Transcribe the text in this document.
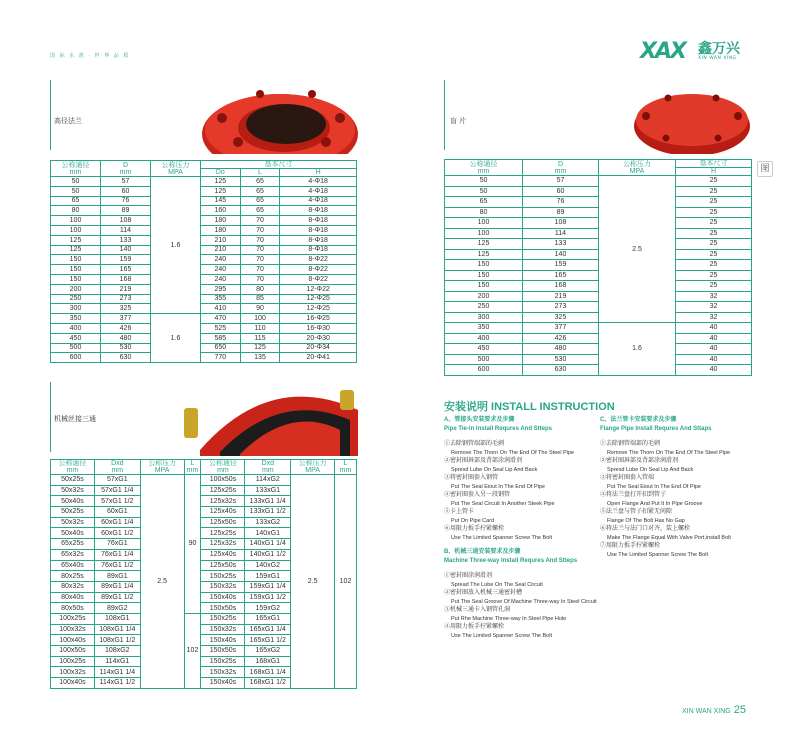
国 际 水 准 · 世 界 品 质	XAX 鑫万兴
XIN WAN XING
图
高径法兰
公称通径
mm	D
mm	公称压力
MPA	基本尺寸		
			Do	L	H
50	57	1.6	125	65	4-Φ18
50	60		125	65	4-Φ18
65	76		145	65	4-Φ18
80	89		160	65	8-Φ18
100	108		180	70	8-Φ18
100	114		180	70	8-Φ18
125	133		210	70	8-Φ18
125	140		210	70	8-Φ18
150	159		240	70	8-Φ22
150	165		240	70	8-Φ22
150	168		240	70	8-Φ22
200	219		295	80	12-Φ22
250	273		355	85	12-Φ25
300	325		410	90	12-Φ25
350	377	1.6	470	100	16-Φ25
400	426		525	110	16-Φ30
450	480		585	115	20-Φ30
500	530		650	125	20-Φ34
600	630		770	135	20-Φ41
盲 片
公称通径
mm	D
mm	公称压力
MPA	基本尺寸
			H
50	57	2.5	25
50	60		25
65	76		25
80	89		25
100	108		25
100	114		25
125	133		25
125	140		25
150	159		25
150	165		25
150	168		25
200	219		32
250	273		32
300	325		32
350	377	1.6	40
400	426		40
450	480		40
500	530		40
600	630		40
机械丝接三通
公称通径
mm	Dxd
mm	公称压力
MPA	L
mm	公称通径
mm	Dxd
mm	公称压力
MPA	L
mm
50x25s	57xG1	2.5	90	100x50s	114xG2	2.5	102
50x32s	57xG1 1/4			125x25s	133xG1		
50x40s	57xG1 1/2			125x32s	133xG1 1/4		
50x25s	60xG1			125x40s	133xG1 1/2		
50x32s	60xG1 1/4			125x50s	133xG2		
50x40s	60xG1 1/2			125x25s	140xG1		
65x25s	76xG1			125x32s	140xG1 1/4		
65x32s	76xG1 1/4			125x40s	140xG1 1/2		
65x40s	76xG1 1/2			125x50s	140xG2		
80x25s	89xG1			150x25s	159xG1		
80x32s	89xG1 1/4			150x32s	159xG1 1/4		
80x40s	89xG1 1/2			150x40s	159xG1 1/2		
80x50s	89xG2			150x50s	159xG2		
100x25s	108xG1		102	150x25s	165xG1		
100x32s	108xG1 1/4			150x32s	165xG1 1/4		
100x40s	108xG1 1/2			150x40s	165xG1 1/2		
100x50s	108xG2			150x50s	165xG2		
100x25s	114xG1			150x25s	168xG1		
100x32s	114xG1 1/4			150x32s	168xG1 1/4		
100x40s	114xG1 1/2			150x40s	168xG1 1/2		
安装说明 INSTALL INSTRUCTION
A、管接头安装要求及步骤
Pipe Tie-in Install Requres And Stteps
①去除钢管端部的毛刺
Remove The Thorn On The End Of The Steel Pipe
②密封圈唇部及背部涂润滑剂
Spresd Lube On Seal Lip And Back
③将密封圈套入钢管
Put The Seal Eiout In The End Of Pipe
④密封圈套入另一段钢管
Put The Seal Circuit In Another Steek Pipe
⑤卡上管卡
Put On Pipe Card
⑥用限力扳手拧紧螺栓
Use The Limited Spanner Screw The Bolt
B、机械三通安装要求及步骤
Machine Three-way Install Requres And Stteps
①密封圈涂润滑剂
Spread The Lube On The Seal Circuit
②密封圈放入机械三通密封槽
Put The Seal Groove Of Machine Three-way In Steel Circuit
③机械三通卡入钢管孔洞
Put Rhe Machine Three-way In Steel Pipe Hole
④用限力扳手拧紧螺栓
Use The Limited Spanner Screw The Bolt
C、法兰管卡安装要求及步骤
Flange Pipe Install Requres And Sttaps
①去除钢管端部的毛刺
Remove The Thorn On The End Of The Steel Pipe
②密封圈唇部及背部涂润滑剂
Spresd Lube On Seal Lip And Back
③将密封圈套入管端
Put The Seal Eiout In The End Of Pipe
④将法兰盘打开扣到管子
Open Flange And Put It In Pipe Groove
⑤法兰盘与管子扣紧无间隙
Flange Of The Bolt Has No Gap
⑥将法兰与法门口对齐，装上螺栓
Make The Flange Equal With Valve Port,install Bolt
⑦用限力扳手拧紧螺栓
Use The Limited Spanner Screw The Bolt
XIN WAN XING 25
